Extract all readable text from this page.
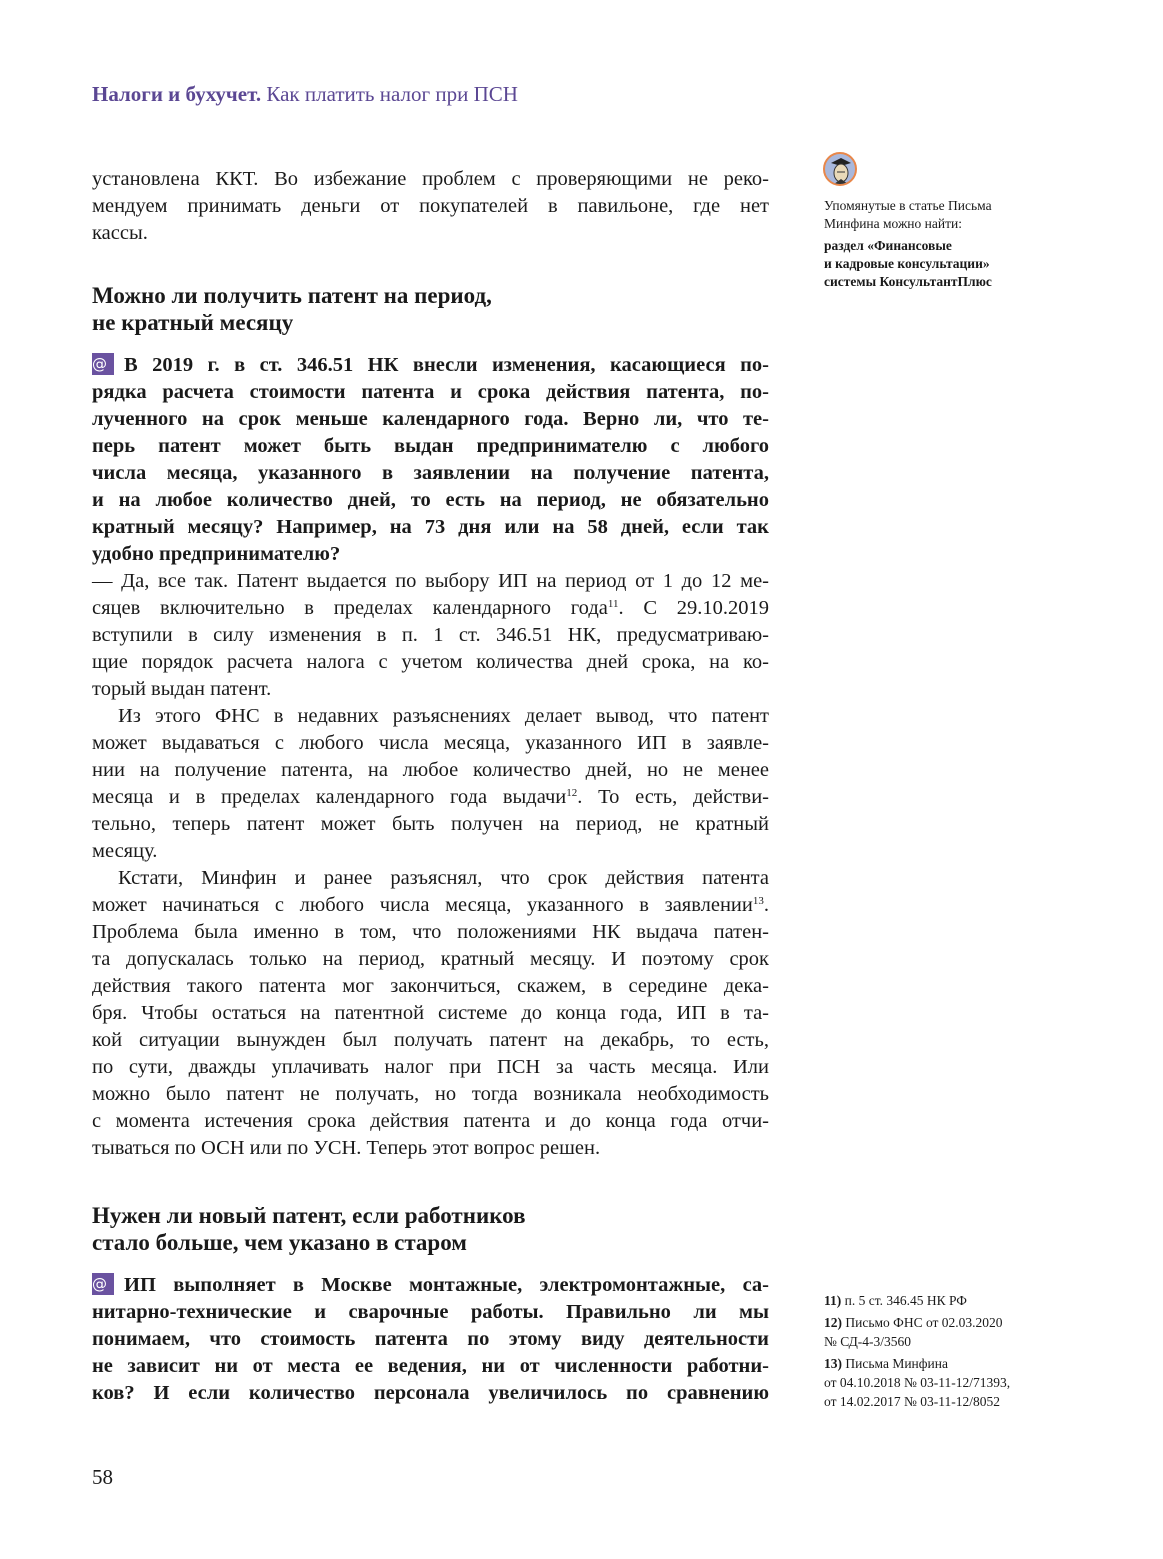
Налоги и бухучет. Как платить налог при ПСН
установлена ККТ. Во избежание проблем с проверяющими не реко-
мендуем принимать деньги от покупателей в павильоне, где нет
кассы.
Можно ли получить патент на период,
не кратный месяцу
@ В 2019 г. в ст. 346.51 НК внесли изменения, касающиеся по-
рядка расчета стоимости патента и срока действия патента, по-
лученного на срок меньше календарного года. Верно ли, что те-
перь патент может быть выдан предпринимателю с любого
числа месяца, указанного в заявлении на получение патента,
и на любое количество дней, то есть на период, не обязательно
кратный месяцу? Например, на 73 дня или на 58 дней, если так
удобно предпринимателю?
— Да, все так. Патент выдается по выбору ИП на период от 1 до 12 ме-
сяцев включительно в пределах календарного года$^{11}$. С 29.10.2019
вступили в силу изменения в п. 1 ст. 346.51 НК, предусматриваю-
щие порядок расчета налога с учетом количества дней срока, на ко-
торый выдан патент.
Из этого ФНС в недавних разъяснениях делает вывод, что патент
может выдаваться с любого числа месяца, указанного ИП в заявле-
нии на получение патента, на любое количество дней, но не менее
месяца и в пределах календарного года выдачи$^{12}$. То есть, действи-
тельно, теперь патент может быть получен на период, не кратный
месяцу.
Кстати, Минфин и ранее разъяснял, что срок действия патента
может начинаться с любого числа месяца, указанного в заявлении$^{13}$.
Проблема была именно в том, что положениями НК выдача патен-
та допускалась только на период, кратный месяцу. И поэтому срок
действия такого патента мог закончиться, скажем, в середине дека-
бря. Чтобы остаться на патентной системе до конца года, ИП в та-
кой ситуации вынужден был получать патент на декабрь, то есть,
по сути, дважды уплачивать налог при ПСН за часть месяца. Или
можно было патент не получать, но тогда возникала необходимость
с момента истечения срока действия патента и до конца года отчи-
тываться по ОСН или по УСН. Теперь этот вопрос решен.
Нужен ли новый патент, если работников
стало больше, чем указано в старом
@ ИП выполняет в Москве монтажные, электромонтажные, са-
нитарно-технические и сварочные работы. Правильно ли мы
понимаем, что стоимость патента по этому виду деятельности
не зависит ни от места ее ведения, ни от численности работни-
ков? И если количество персонала увеличилось по сравнению
Упомянутые в статье Письма
Минфина можно найти:
раздел «Финансовые
и кадровые консультации»
системы КонсультантПлюс
11) п. 5 ст. 346.45 НК РФ
12) Письмо ФНС от 02.03.2020
№ СД-4-3/3560
13) Письма Минфина
от 04.10.2018 № 03-11-12/71393,
от 14.02.2017 № 03-11-12/8052
58
